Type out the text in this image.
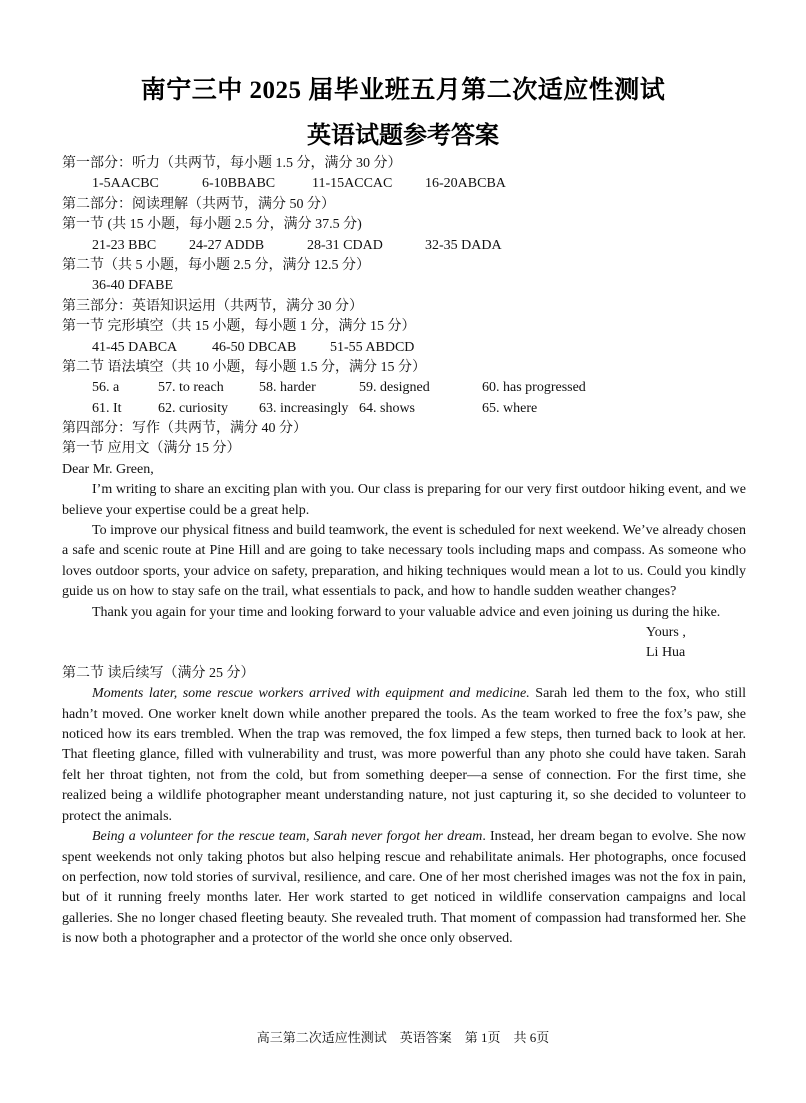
南宁三中 2025 届毕业班五月第二次适应性测试
英语试题参考答案
第一部分：听力（共两节，每小题 1.5 分，满分 30 分）
1-5AACBC	6-10BBABC	11-15ACCAC	16-20ABCBA
第二部分：阅读理解（共两节，满分 50 分）
第一节 (共 15 小题，每小题 2.5 分，满分 37.5 分)
21-23 BBC	24-27 ADDB	28-31 CDAD	32-35 DADA
第二节（共 5 小题，每小题 2.5 分，满分 12.5 分）
36-40 DFABE
第三部分：英语知识运用（共两节，满分 30 分）
第一节 完形填空（共 15 小题，每小题 1 分，满分 15 分）
41-45 DABCA	46-50 DBCAB	51-55 ABDCD
第二节 语法填空（共 10 小题，每小题 1.5 分，满分 15 分）
56. a	57. to reach	58. harder	59. designed	60. has progressed
61. It	62. curiosity	63. increasingly 64. shows	65. where
第四部分：写作（共两节，满分 40 分）
第一节 应用文（满分 15 分）
Dear Mr. Green,

I’m writing to share an exciting plan with you. Our class is preparing for our very first outdoor hiking event, and we believe your expertise could be a great help.

To improve our physical fitness and build teamwork, the event is scheduled for next weekend. We’ve already chosen a safe and scenic route at Pine Hill and are going to take necessary tools including maps and compass. As someone who loves outdoor sports, your advice on safety, preparation, and hiking techniques would mean a lot to us. Could you kindly guide us on how to stay safe on the trail, what essentials to pack, and how to handle sudden weather changes?

Thank you again for your time and looking forward to your valuable advice and even joining us during the hike.

Yours ,
Li Hua
第二节 读后续写（满分 25 分）

Moments later, some rescue workers arrived with equipment and medicine. Sarah led them to the fox, who still hadn’t moved. One worker knelt down while another prepared the tools. As the team worked to free the fox’s paw, she noticed how its ears trembled. When the trap was removed, the fox limped a few steps, then turned back to look at her. That fleeting glance, filled with vulnerability and trust, was more powerful than any photo she could have taken. Sarah felt her throat tighten, not from the cold, but from something deeper—a sense of connection. For the first time, she realized being a wildlife photographer meant understanding nature, not just capturing it, so she decided to volunteer to protect the animals.

Being a volunteer for the rescue team, Sarah never forgot her dream. Instead, her dream began to evolve. She now spent weekends not only taking photos but also helping rescue and rehabilitate animals. Her photographs, once focused on perfection, now told stories of survival, resilience, and care. One of her most cherished images was not the fox in pain, but of it running freely months later. Her work started to get noticed in wildlife conservation campaigns and local galleries. She no longer chased fleeting beauty. She revealed truth. That moment of compassion had transformed her. She is now both a photographer and a protector of the world she once only observed.

高三第二次适应性测试　英语答案　第 1页　共 6页
